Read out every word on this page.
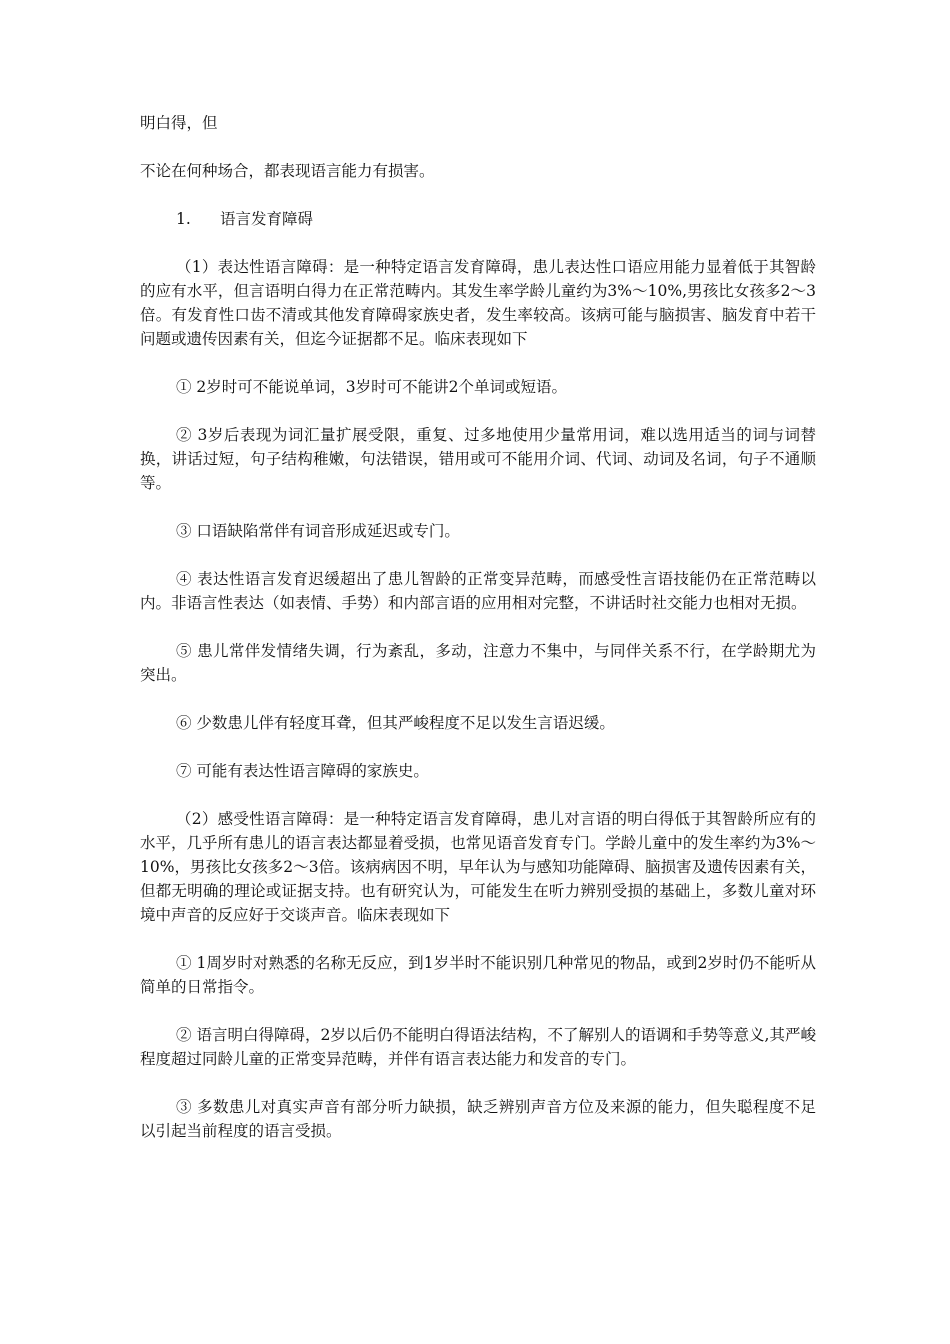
明白得，但

不论在何种场合，都表现语言能力有损害。

1. 语言发育障碍

（1）表达性语言障碍：是一种特定语言发育障碍，患儿表达性口语应用能力显着低于其智龄的应有水平，但言语明白得力在正常范畴内。其发生率学龄儿童约为3%～10%,男孩比女孩多2～3倍。有发育性口齿不清或其他发育障碍家族史者，发生率较高。该病可能与脑损害、脑发育中若干问题或遗传因素有关，但迄今证据都不足。临床表现如下

① 2岁时可不能说单词，3岁时可不能讲2个单词或短语。

② 3岁后表现为词汇量扩展受限，重复、过多地使用少量常用词，难以选用适当的词与词替换，讲话过短，句子结构稚嫩，句法错误，错用或可不能用介词、代词、动词及名词，句子不通顺等。

③ 口语缺陷常伴有词音形成延迟或专门。

④ 表达性语言发育迟缓超出了患儿智龄的正常变异范畴，而感受性言语技能仍在正常范畴以内。非语言性表达（如表情、手势）和内部言语的应用相对完整，不讲话时社交能力也相对无损。

⑤ 患儿常伴发情绪失调，行为紊乱，多动，注意力不集中，与同伴关系不行，在学龄期尤为突出。

⑥ 少数患儿伴有轻度耳聋，但其严峻程度不足以发生言语迟缓。

⑦ 可能有表达性语言障碍的家族史。

（2）感受性语言障碍：是一种特定语言发育障碍，患儿对言语的明白得低于其智龄所应有的水平，几乎所有患儿的语言表达都显着受损，也常见语音发育专门。学龄儿童中的发生率约为3%～10%，男孩比女孩多2～3倍。该病病因不明，早年认为与感知功能障碍、脑损害及遗传因素有关，但都无明确的理论或证据支持。也有研究认为，可能发生在听力辨别受损的基础上，多数儿童对环境中声音的反应好于交谈声音。临床表现如下

① 1周岁时对熟悉的名称无反应，到1岁半时不能识别几种常见的物品，或到2岁时仍不能听从简单的日常指令。

② 语言明白得障碍，2岁以后仍不能明白得语法结构，不了解别人的语调和手势等意义,其严峻程度超过同龄儿童的正常变异范畴，并伴有语言表达能力和发音的专门。

③ 多数患儿对真实声音有部分听力缺损，缺乏辨别声音方位及来源的能力，但失聪程度不足以引起当前程度的语言受损。
